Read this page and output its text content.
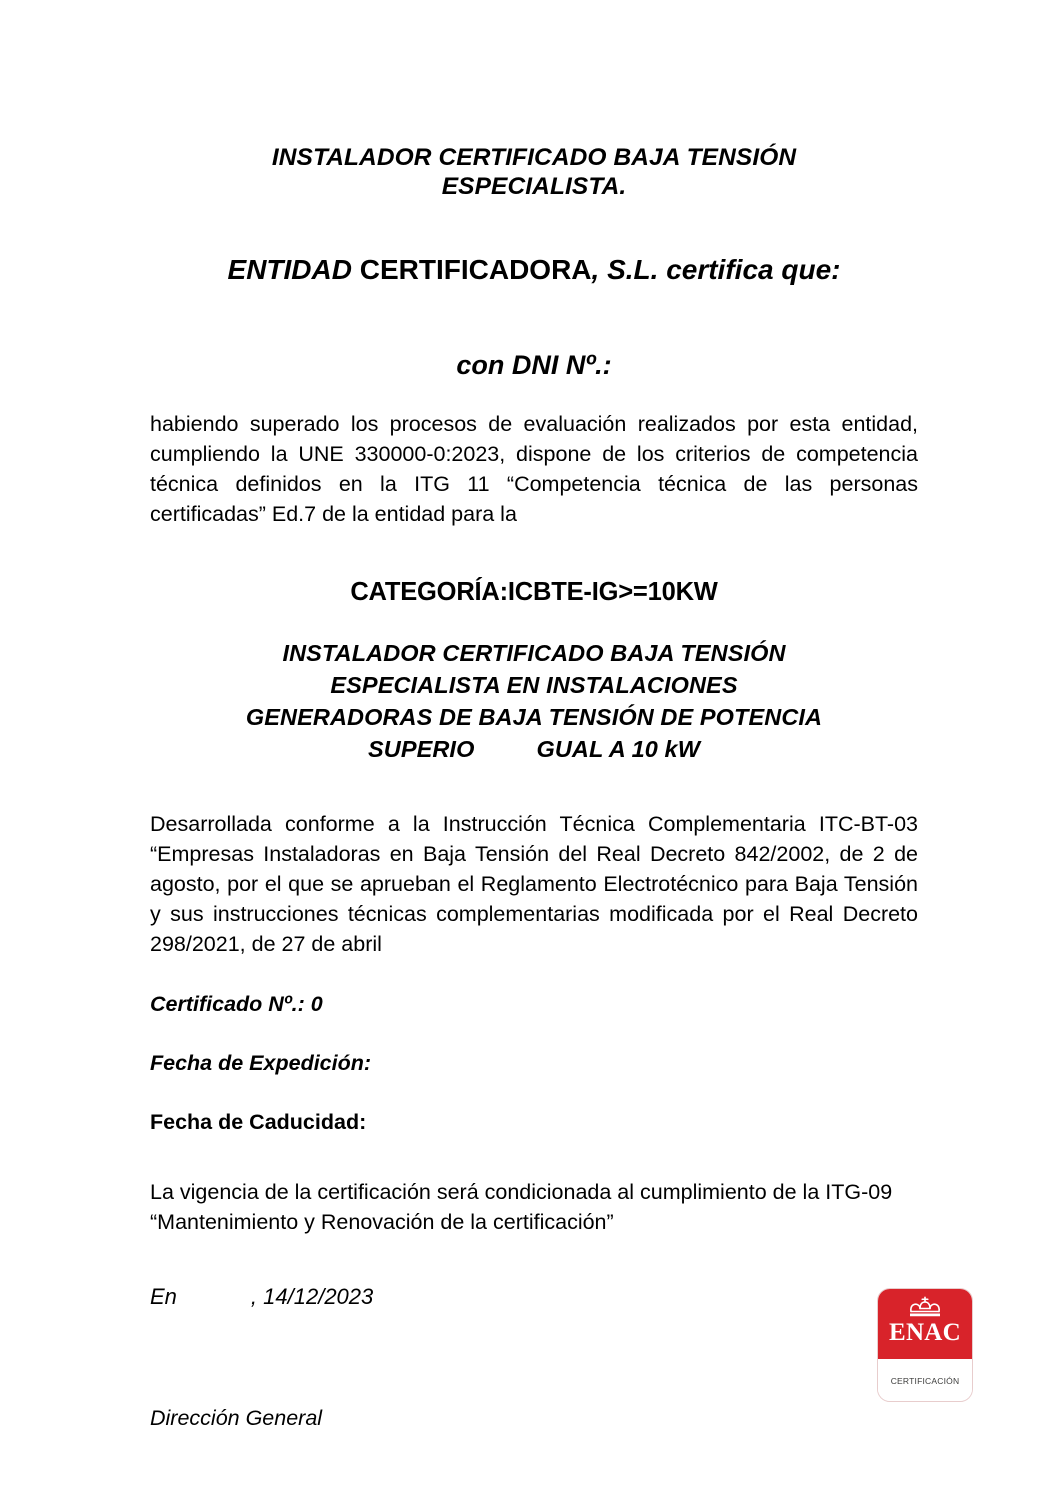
INSTALADOR CERTIFICADO BAJA TENSIÓN
ESPECIALISTA.

ENTIDAD CERTIFICADORA, S.L. certifica que:

con DNI Nº.:

habiendo superado los procesos de evaluación realizados por esta entidad, cumpliendo la UNE 330000-0:2023, dispone de los criterios de competencia técnica definidos en la ITG 11 “Competencia técnica de las personas certificadas” Ed.7 de la entidad para la

CATEGORÍA:ICBTE-IG>=10KW

INSTALADOR CERTIFICADO BAJA TENSIÓN
ESPECIALISTA EN INSTALACIONES
GENERADORAS DE BAJA TENSIÓN DE POTENCIA
SUPERIO	GUAL A 10 kW

Desarrollada conforme a la Instrucción Técnica Complementaria ITC-BT-03 “Empresas Instaladoras en Baja Tensión del Real Decreto 842/2002, de 2 de agosto, por el que se aprueban el Reglamento Electrotécnico para Baja Tensión y sus instrucciones técnicas complementarias modificada por el Real Decreto 298/2021, de 27 de abril

Certificado Nº.: 0

Fecha de Expedición:

Fecha de Caducidad:

La vigencia de la certificación será condicionada al cumplimiento de la ITG-09 “Mantenimiento y Renovación de la certificación”

En	, 14/12/2023

Dirección General

ENAC
CERTIFICACIÓN
